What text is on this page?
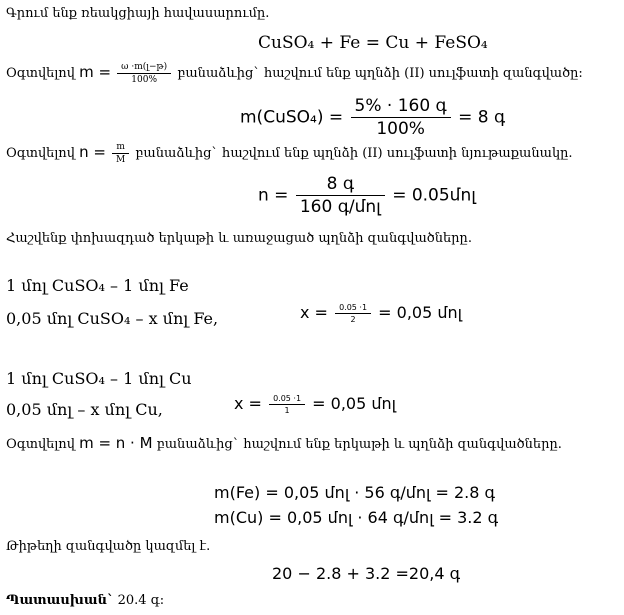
Գրում ենք ռեակցիայի հավասարումը.
CuSO₄ + Fe = Cu + FeSO₄
Օգտվելով $m = \frac{\text{ω ·m(լ−թ)}}{100\%}$ բանաձևից` հաշվում ենք պղնձի (II) սուլֆատի զանգվածը:
m(CuSO₄) = $\frac{\text{5\% · 160 գ}}{100\%} = 8$ գ
Օգտվելով $n = \frac{m}{M}$ բանաձևից` հաշվում ենք պղնձի (II) սուլֆատի նյութաքանակը.
$n = \frac{\text{8 գ}}{\text{160 գ/մոլ}}$ = 0.05մոլ
Հաշվենք փոխազդած երկաթի և առաջացած պղնձի զանգվածները.
1 մոլ CuSO₄ – 1 մոլ Fe
0,05 մոլ CuSO₄ – x մոլ Fe,	$x = \frac{0.05 \cdot 1}{2} = 0,05$ մոլ
1 մոլ CuSO₄ – 1 մոլ Cu
0,05 մոլ – x մոլ Cu,	$x = \frac{0.05 \cdot 1}{1} = 0,05$ մոլ
Օգտվելով m = n · M բանաձևից` հաշվում ենք երկաթի և պղնձի զանգվածները.
m(Fe) = 0,05 մոլ · 56 գ/մոլ = 2.8 գ
m(Cu) = 0,05 մոլ · 64 գ/մոլ = 3.2 գ
Թիթեղի զանգվածը կազմել է.
20 − 2.8 + 3.2 =20,4 գ
Պատասխան` 20.4 գ:
